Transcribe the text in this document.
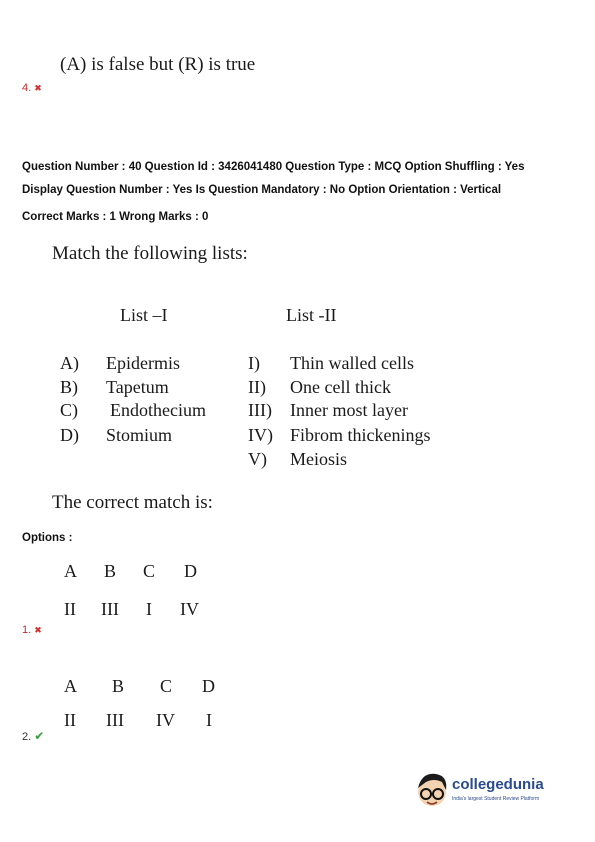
(A) is false but (R) is true
4. ✖
Question Number : 40 Question Id : 3426041480 Question Type : MCQ Option Shuffling : Yes
Display Question Number : Yes Is Question Mandatory : No Option Orientation : Vertical
Correct Marks : 1 Wrong Marks : 0
Match the following lists:
List –I	List -II
A) Epidermis
B) Tapetum
C) Endothecium
D) Stomium
I) Thin walled cells
II) One cell thick
III) Inner most layer
IV) Fibrom thickenings
V) Meiosis
The correct match is:
Options :
A B C D
II III I IV
1. ✖
A B C D
II III IV I
2. ✔
collegedunia
India's largest Student Review Platform
